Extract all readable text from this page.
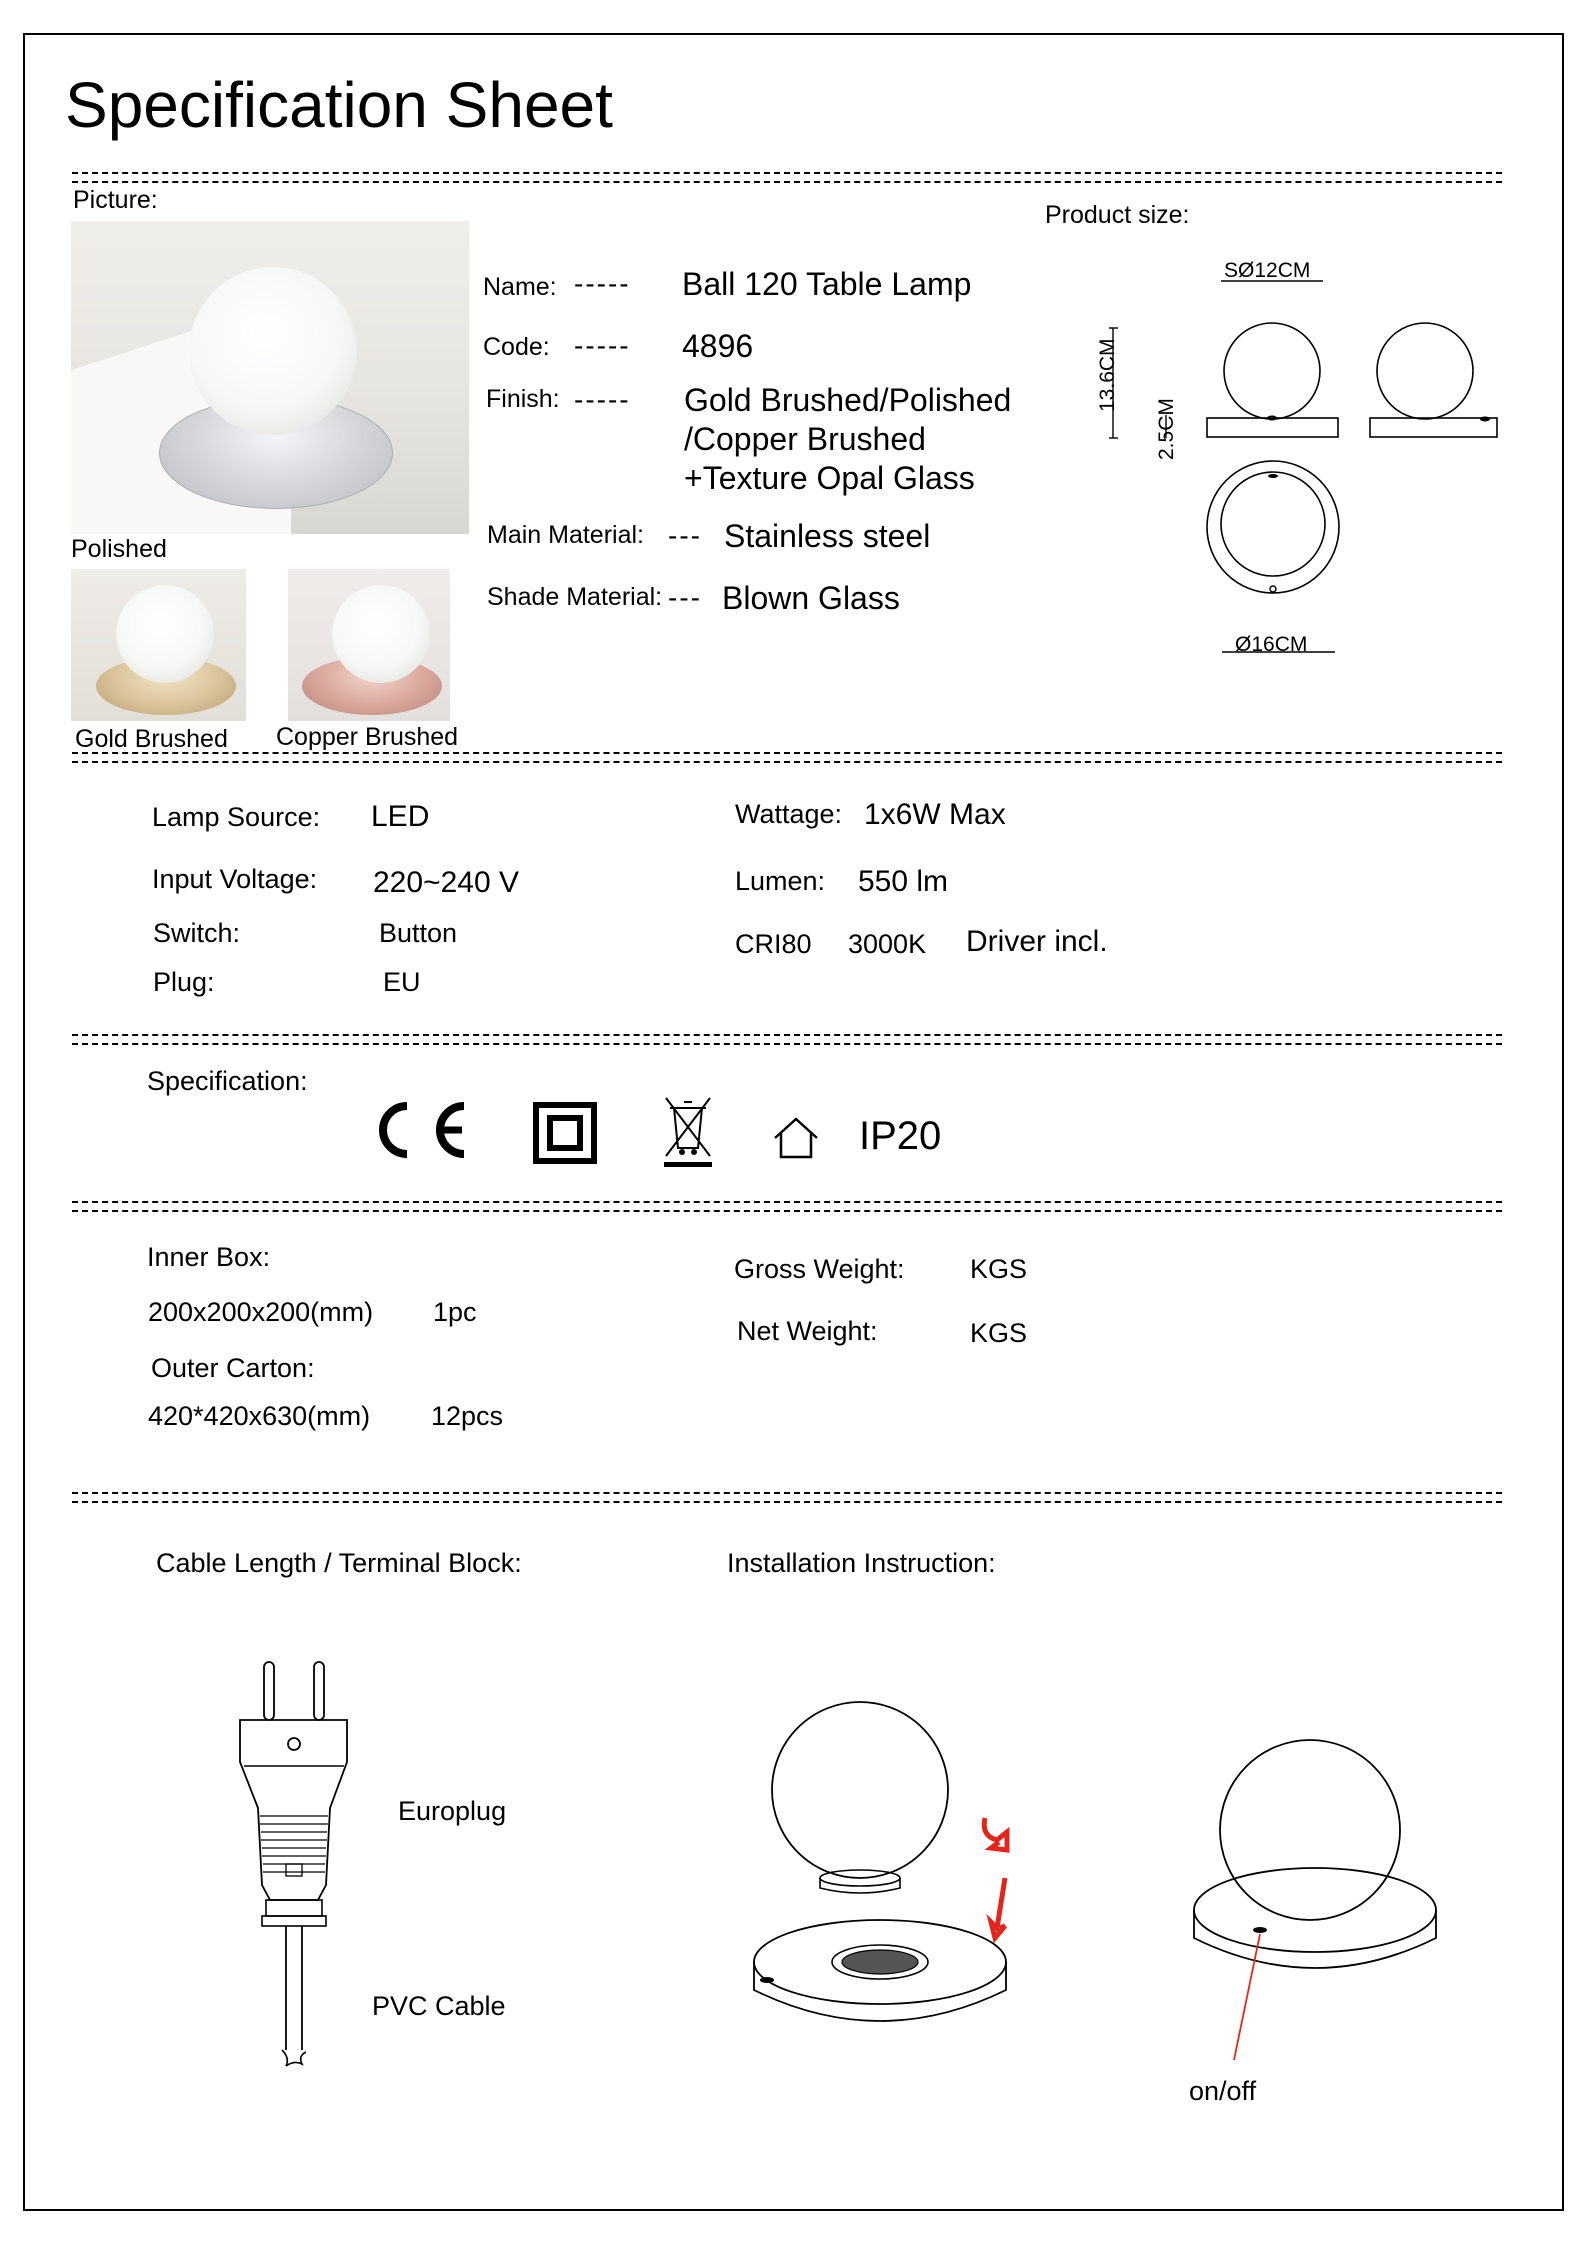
Specification Sheet
Picture:
Polished
Gold Brushed Copper Brushed
Name: ----- Ball 120 Table Lamp
Code: ----- 4896
Finish: ----- Gold Brushed/Polished
/Copper Brushed
+Texture Opal Glass
Main Material: --- Stainless steel
Shade Material: --- Blown Glass
Product size:
SØ12CM
13.6CM
2.5CM
Ø16CM
Lamp Source: LED
Input Voltage: 220~240 V
Switch:	Button
Plug:	EU
Wattage: 1x6W Max
Lumen: 550 lm
CRI80 3000K Driver incl.
Specification:
IP20
Inner Box:
200x200x200(mm) 1pc
Outer Carton:
420*420x630(mm) 12pcs
Gross Weight: KGS
Net Weight:	KGS
Cable Length / Terminal Block:
Europlug
PVC Cable
Installation Instruction:
on/off
